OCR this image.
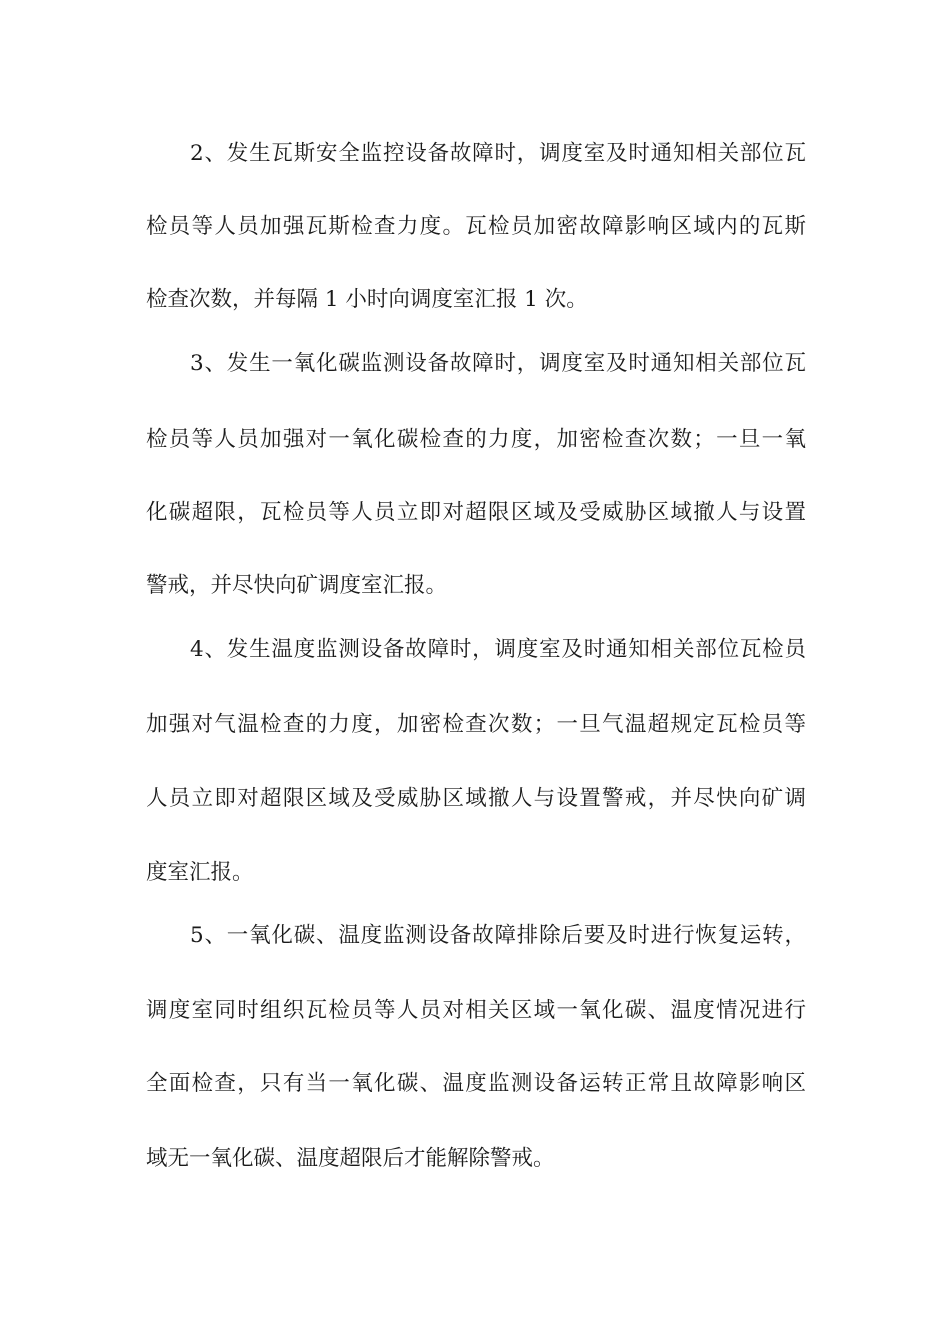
2、发生瓦斯安全监控设备故障时，调度室及时通知相关部位瓦
检员等人员加强瓦斯检查力度。瓦检员加密故障影响区域内的瓦斯
检查次数，并每隔 1 小时向调度室汇报 1 次。
3、发生一氧化碳监测设备故障时，调度室及时通知相关部位瓦
检员等人员加强对一氧化碳检查的力度，加密检查次数；一旦一氧
化碳超限，瓦检员等人员立即对超限区域及受威胁区域撤人与设置
警戒，并尽快向矿调度室汇报。
4、发生温度监测设备故障时，调度室及时通知相关部位瓦检员
加强对气温检查的力度，加密检查次数；一旦气温超规定瓦检员等
人员立即对超限区域及受威胁区域撤人与设置警戒，并尽快向矿调
度室汇报。
5、一氧化碳、温度监测设备故障排除后要及时进行恢复运转，
调度室同时组织瓦检员等人员对相关区域一氧化碳、温度情况进行
全面检查，只有当一氧化碳、温度监测设备运转正常且故障影响区
域无一氧化碳、温度超限后才能解除警戒。
